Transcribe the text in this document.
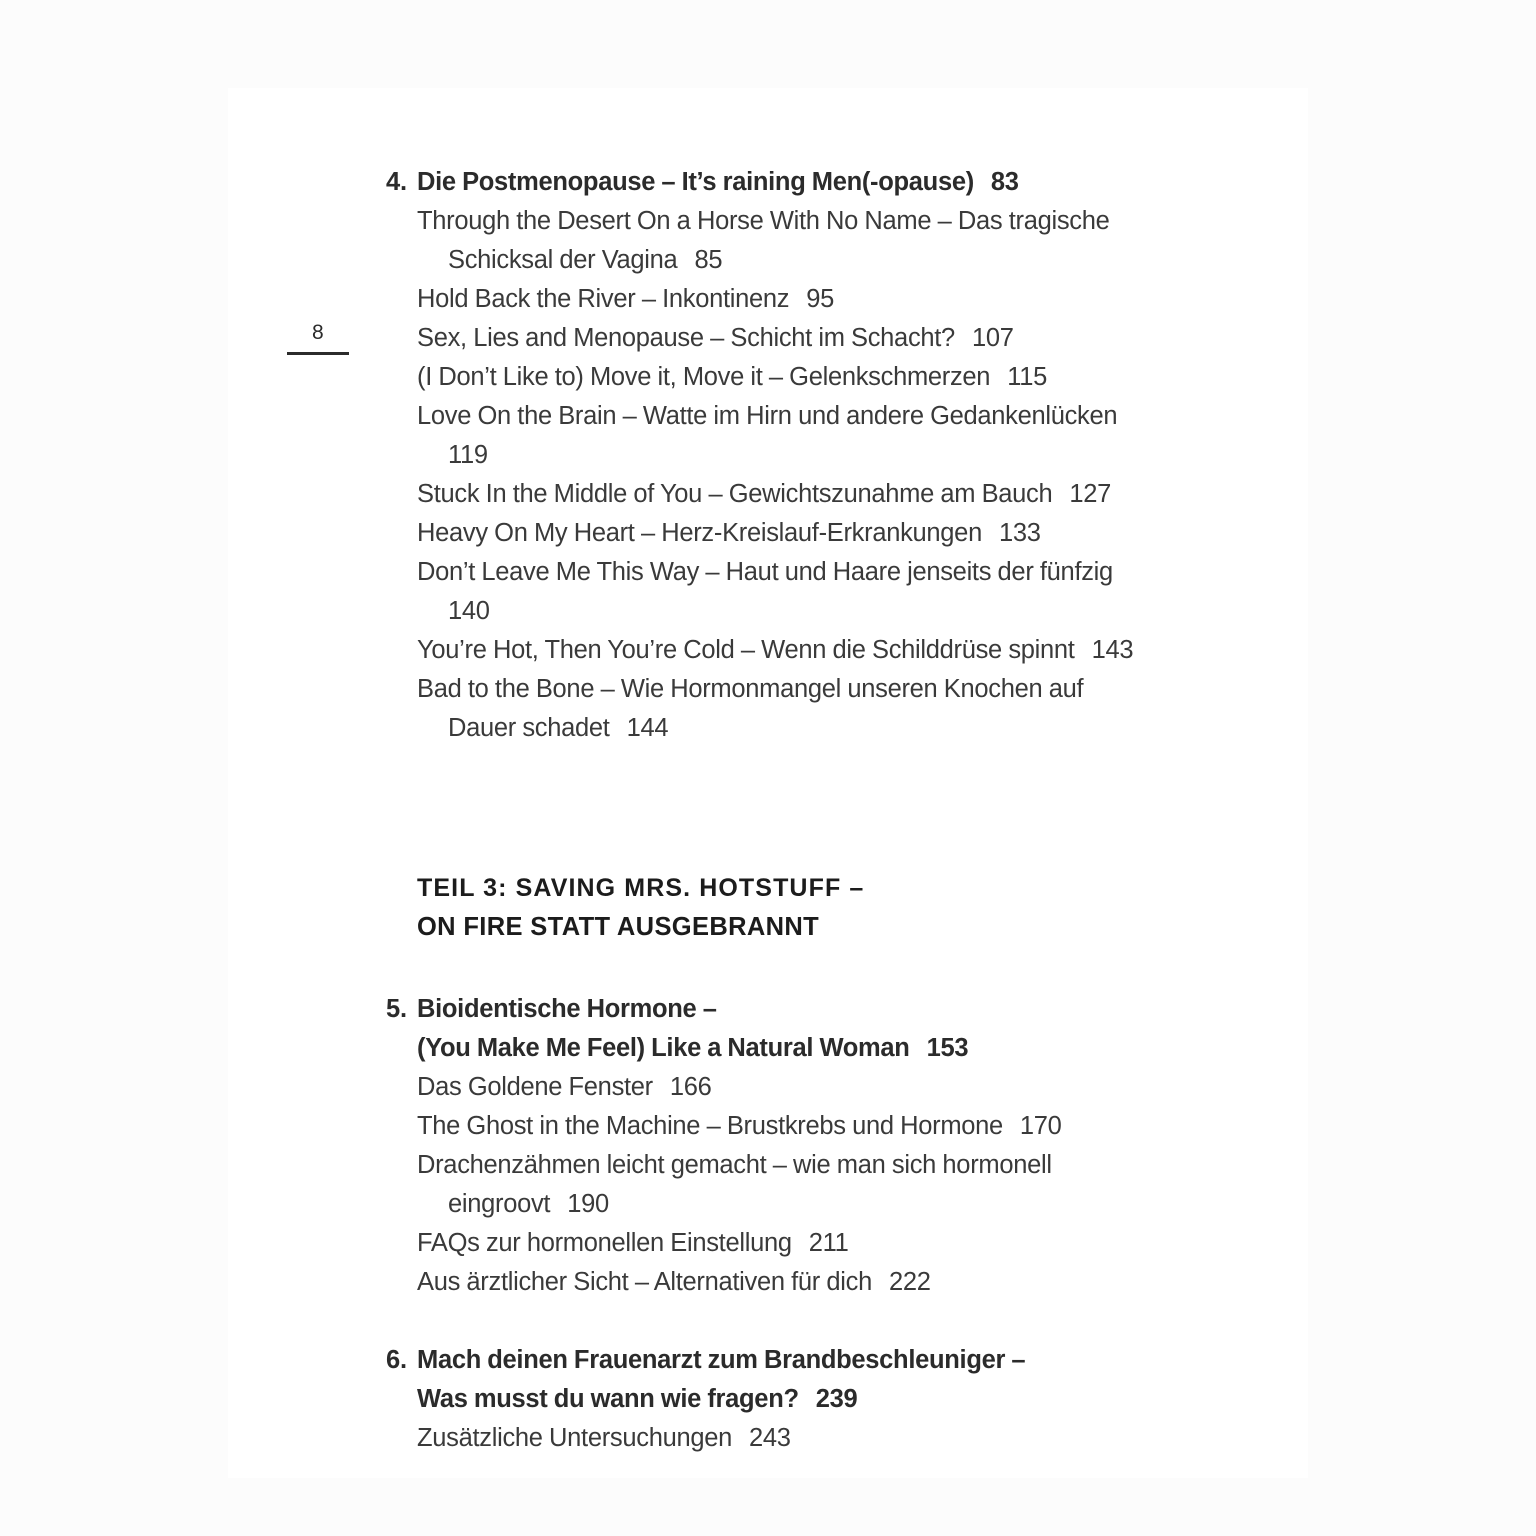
8
4. Die Postmenopause – It’s raining Men(-opause) 83
Through the Desert On a Horse With No Name – Das tragische Schicksal der Vagina 85
Hold Back the River – Inkontinenz 95
Sex, Lies and Menopause – Schicht im Schacht? 107
(I Don’t Like to) Move it, Move it – Gelenkschmerzen 115
Love On the Brain – Watte im Hirn und andere Gedankenlücken119
Stuck In the Middle of You – Gewichtszunahme am Bauch 127
Heavy On My Heart – Herz-Kreislauf-Erkrankungen 133
Don’t Leave Me This Way – Haut und Haare jenseits der fünfzig140
You’re Hot, Then You’re Cold – Wenn die Schilddrüse spinnt 143
Bad to the Bone – Wie Hormonmangel unseren Knochen auf Dauer schadet 144
TEIL 3: SAVING MRS. HOTSTUFF –
ON FIRE STATT AUSGEBRANNT
5. Bioidentische Hormone –
(You Make Me Feel) Like a Natural Woman 153
Das Goldene Fenster 166
The Ghost in the Machine – Brustkrebs und Hormone 170
Drachenzähmen leicht gemacht – wie man sich hormonell eingroovt 190
FAQs zur hormonellen Einstellung 211
Aus ärztlicher Sicht – Alternativen für dich 222
6. Mach deinen Frauenarzt zum Brandbeschleuniger –
Was musst du wann wie fragen? 239
Zusätzliche Untersuchungen 243
